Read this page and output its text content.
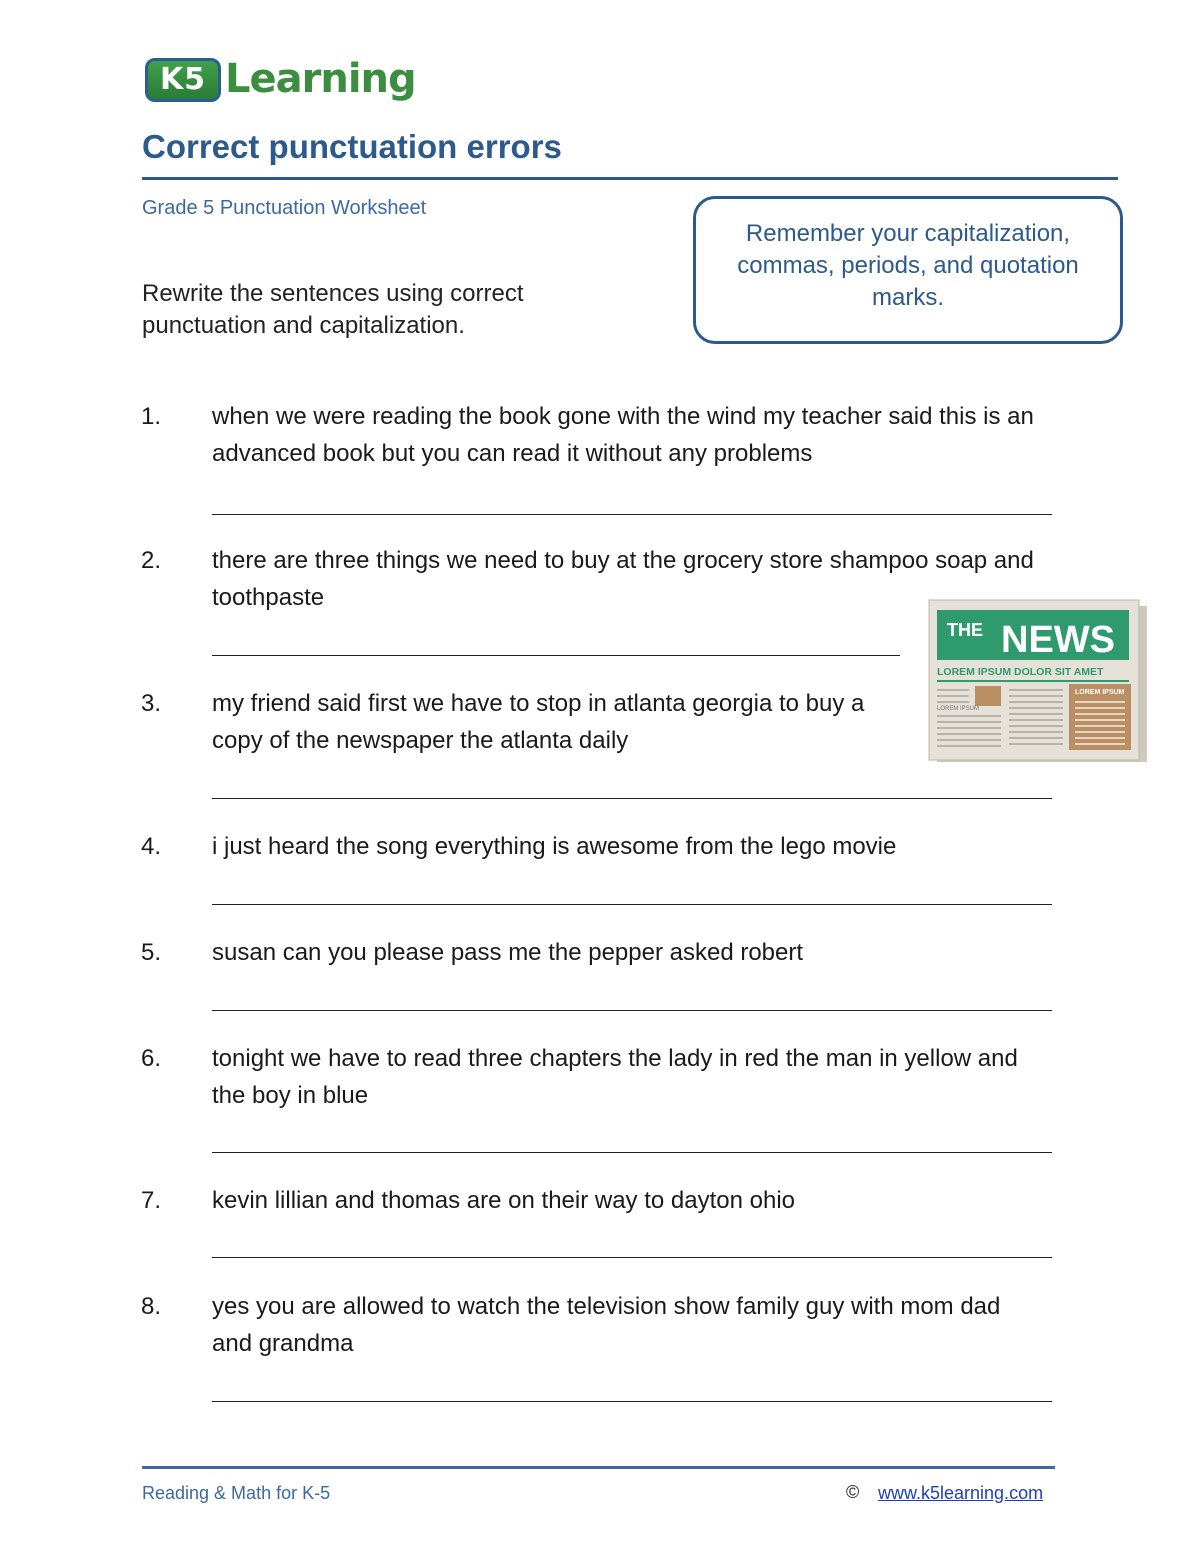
K5 Learning
Correct punctuation errors
Grade 5 Punctuation Worksheet
Rewrite the sentences using correct punctuation and capitalization.
Remember your capitalization, commas, periods, and quotation marks.
1. when we were reading the book gone with the wind my teacher said this is an advanced book but you can read it without any problems
2. there are three things we need to buy at the grocery store shampoo soap and toothpaste
3. my friend said first we have to stop in atlanta georgia to buy a copy of the newspaper the atlanta daily
4. i just heard the song everything is awesome from the lego movie
5. susan can you please pass me the pepper asked robert
6. tonight we have to read three chapters the lady in red the man in yellow and the boy in blue
7. kevin lillian and thomas are on their way to dayton ohio
8. yes you are allowed to watch the television show family guy with mom dad and grandma
THE NEWS
LOREM IPSUM DOLOR SIT AMET
LOREM IPSUM
LOREM IPSUM
Reading & Math for K-5	© www.k5learning.com
